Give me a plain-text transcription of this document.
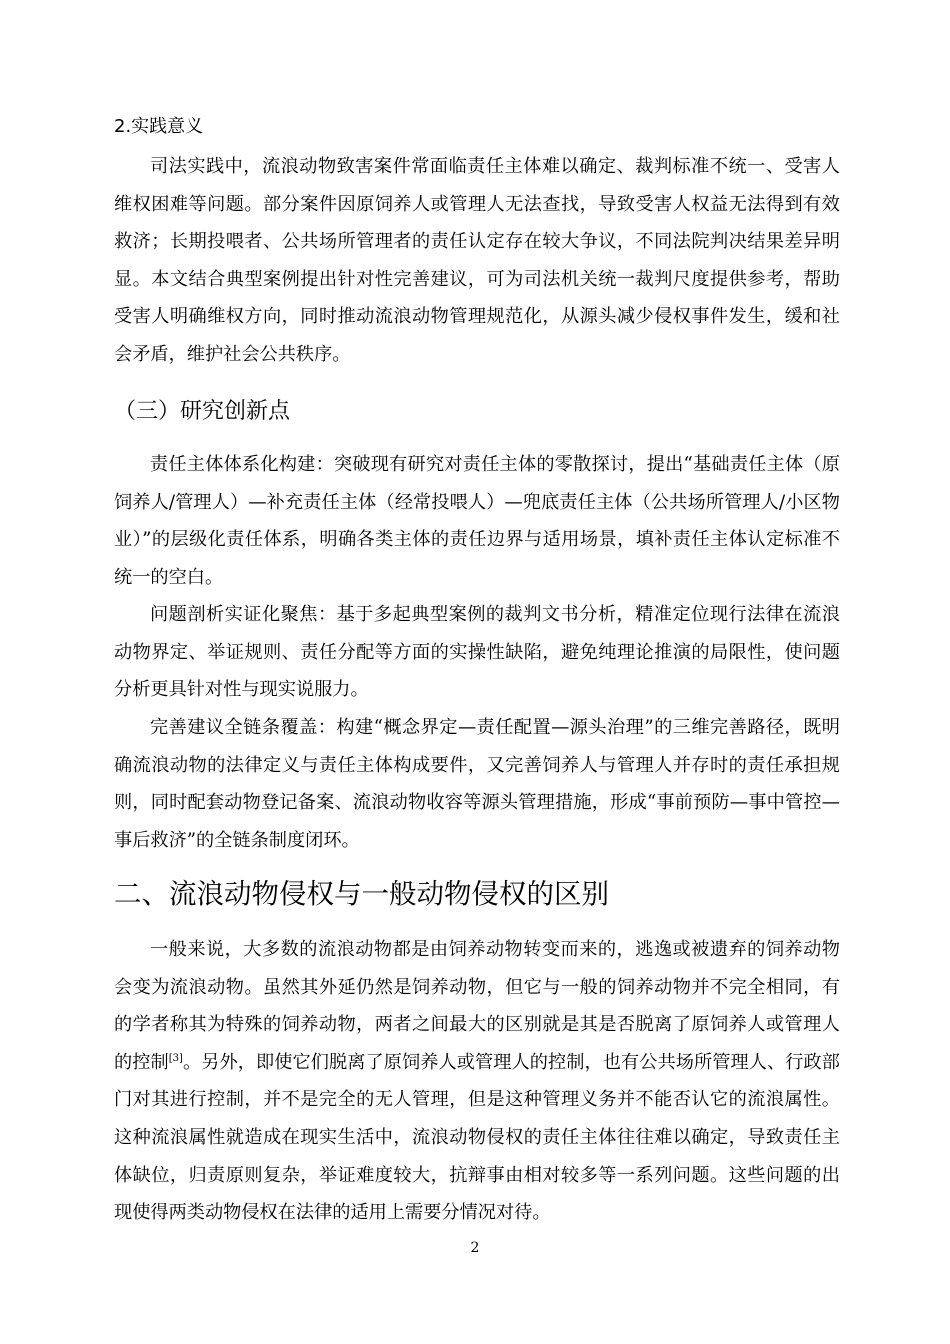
2.实践意义

司法实践中，流浪动物致害案件常面临责任主体难以确定、裁判标准不统一、受害人维权困难等问题。部分案件因原饲养人或管理人无法查找，导致受害人权益无法得到有效救济；长期投喂者、公共场所管理者的责任认定存在较大争议，不同法院判决结果差异明显。本文结合典型案例提出针对性完善建议，可为司法机关统一裁判尺度提供参考，帮助受害人明确维权方向，同时推动流浪动物管理规范化，从源头减少侵权事件发生，缓和社会矛盾，维护社会公共秩序。

（三）研究创新点

责任主体体系化构建：突破现有研究对责任主体的零散探讨，提出“基础责任主体（原饲养人/管理人）—补充责任主体（经常投喂人）—兜底责任主体（公共场所管理人/小区物业）”的层级化责任体系，明确各类主体的责任边界与适用场景，填补责任主体认定标准不统一的空白。

问题剖析实证化聚焦：基于多起典型案例的裁判文书分析，精准定位现行法律在流浪动物界定、举证规则、责任分配等方面的实操性缺陷，避免纯理论推演的局限性，使问题分析更具针对性与现实说服力。

完善建议全链条覆盖：构建“概念界定—责任配置—源头治理”的三维完善路径，既明确流浪动物的法律定义与责任主体构成要件，又完善饲养人与管理人并存时的责任承担规则，同时配套动物登记备案、流浪动物收容等源头管理措施，形成“事前预防—事中管控—事后救济”的全链条制度闭环。

二、流浪动物侵权与一般动物侵权的区别

一般来说，大多数的流浪动物都是由饲养动物转变而来的，逃逸或被遗弃的饲养动物会变为流浪动物。虽然其外延仍然是饲养动物，但它与一般的饲养动物并不完全相同，有的学者称其为特殊的饲养动物，两者之间最大的区别就是其是否脱离了原饲养人或管理人的控制[3]。另外，即使它们脱离了原饲养人或管理人的控制，也有公共场所管理人、行政部门对其进行控制，并不是完全的无人管理，但是这种管理义务并不能否认它的流浪属性。这种流浪属性就造成在现实生活中，流浪动物侵权的责任主体往往难以确定，导致责任主体缺位，归责原则复杂，举证难度较大，抗辩事由相对较多等一系列问题。这些问题的出现使得两类动物侵权在法律的适用上需要分情况对待。

2
